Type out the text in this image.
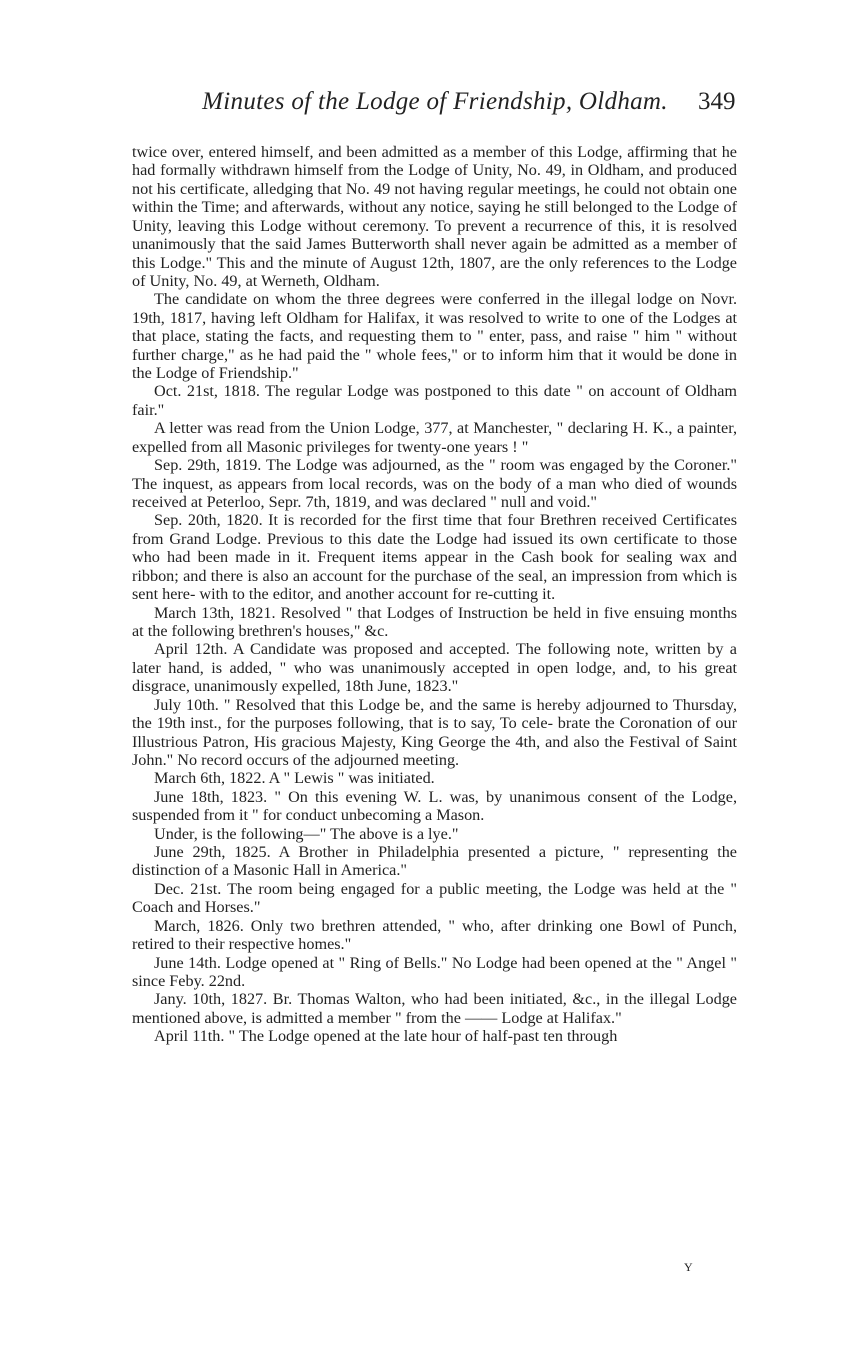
Minutes of the Lodge of Friendship, Oldham. 349

twice over, entered himself, and been admitted as a member of this Lodge, affirming that he had formally withdrawn himself from the Lodge of Unity, No. 49, in Oldham, and produced not his certificate, alledging that No. 49 not having regular meetings, he could not obtain one within the Time; and afterwards, without any notice, saying he still belonged to the Lodge of Unity, leaving this Lodge without ceremony. To prevent a recurrence of this, it is resolved unanimously that the said James Butterworth shall never again be admitted as a member of this Lodge." This and the minute of August 12th, 1807, are the only references to the Lodge of Unity, No. 49, at Werneth, Oldham.

The candidate on whom the three degrees were conferred in the illegal lodge on Novr. 19th, 1817, having left Oldham for Halifax, it was resolved to write to one of the Lodges at that place, stating the facts, and requesting them to " enter, pass, and raise " him " without further charge," as he had paid the " whole fees," or to inform him that it would be done in the Lodge of Friendship."

Oct. 21st, 1818. The regular Lodge was postponed to this date " on account of Oldham fair."

A letter was read from the Union Lodge, 377, at Manchester, " declaring H. K., a painter, expelled from all Masonic privileges for twenty-one years ! "

Sep. 29th, 1819. The Lodge was adjourned, as the " room was engaged by the Coroner." The inquest, as appears from local records, was on the body of a man who died of wounds received at Peterloo, Sepr. 7th, 1819, and was declared " null and void."

Sep. 20th, 1820. It is recorded for the first time that four Brethren received Certificates from Grand Lodge. Previous to this date the Lodge had issued its own certificate to those who had been made in it. Frequent items appear in the Cash book for sealing wax and ribbon; and there is also an account for the purchase of the seal, an impression from which is sent here- with to the editor, and another account for re-cutting it.

March 13th, 1821. Resolved " that Lodges of Instruction be held in five ensuing months at the following brethren's houses," &c.

April 12th. A Candidate was proposed and accepted. The following note, written by a later hand, is added, " who was unanimously accepted in open lodge, and, to his great disgrace, unanimously expelled, 18th June, 1823."

July 10th. " Resolved that this Lodge be, and the same is hereby adjourned to Thursday, the 19th inst., for the purposes following, that is to say, To cele- brate the Coronation of our Illustrious Patron, His gracious Majesty, King George the 4th, and also the Festival of Saint John." No record occurs of the adjourned meeting.

March 6th, 1822. A " Lewis " was initiated.

June 18th, 1823. " On this evening W. L. was, by unanimous consent of the Lodge, suspended from it " for conduct unbecoming a Mason.

Under, is the following—" The above is a lye."

June 29th, 1825. A Brother in Philadelphia presented a picture, " representing the distinction of a Masonic Hall in America."

Dec. 21st. The room being engaged for a public meeting, the Lodge was held at the " Coach and Horses."

March, 1826. Only two brethren attended, " who, after drinking one Bowl of Punch, retired to their respective homes."

June 14th. Lodge opened at " Ring of Bells." No Lodge had been opened at the " Angel " since Feby. 22nd.

Jany. 10th, 1827. Br. Thomas Walton, who had been initiated, &c., in the illegal Lodge mentioned above, is admitted a member " from the —— Lodge at Halifax."

April 11th. " The Lodge opened at the late hour of half-past ten through

Y
